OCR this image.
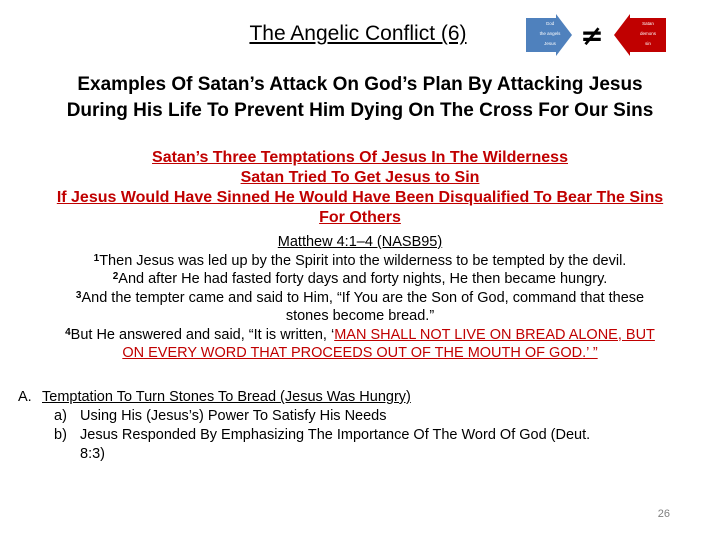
The Angelic Conflict (6)	God
the angels
Jesus ≠	Satan
demons
sin
Examples Of Satan’s Attack On God’s Plan By Attacking Jesus
During His Life To Prevent Him Dying On The Cross For Our Sins
Satan’s Three Temptations Of Jesus In The Wilderness
Satan Tried To Get Jesus to Sin
If Jesus Would Have Sinned He Would Have Been Disqualified To Bear The Sins
For Others
Matthew 4:1–4 (NASB95)
$^1$Then Jesus was led up by the Spirit into the wilderness to be tempted by the devil.
$^2$And after He had fasted forty days and forty nights, He then became hungry.
$^3$And the tempter came and said to Him, “If You are the Son of God, command that these
stones become bread.”
$^4$But He answered and said, “It is written, ‘MAN SHALL NOT LIVE ON BREAD ALONE, BUT
ON EVERY WORD THAT PROCEEDS OUT OF THE MOUTH OF GOD.’ ”
A. Temptation To Turn Stones To Bread (Jesus Was Hungry)
a) Using His (Jesus’s) Power To Satisfy His Needs
b) Jesus Responded By Emphasizing The Importance Of The Word Of God (Deut.
8:3)
26
